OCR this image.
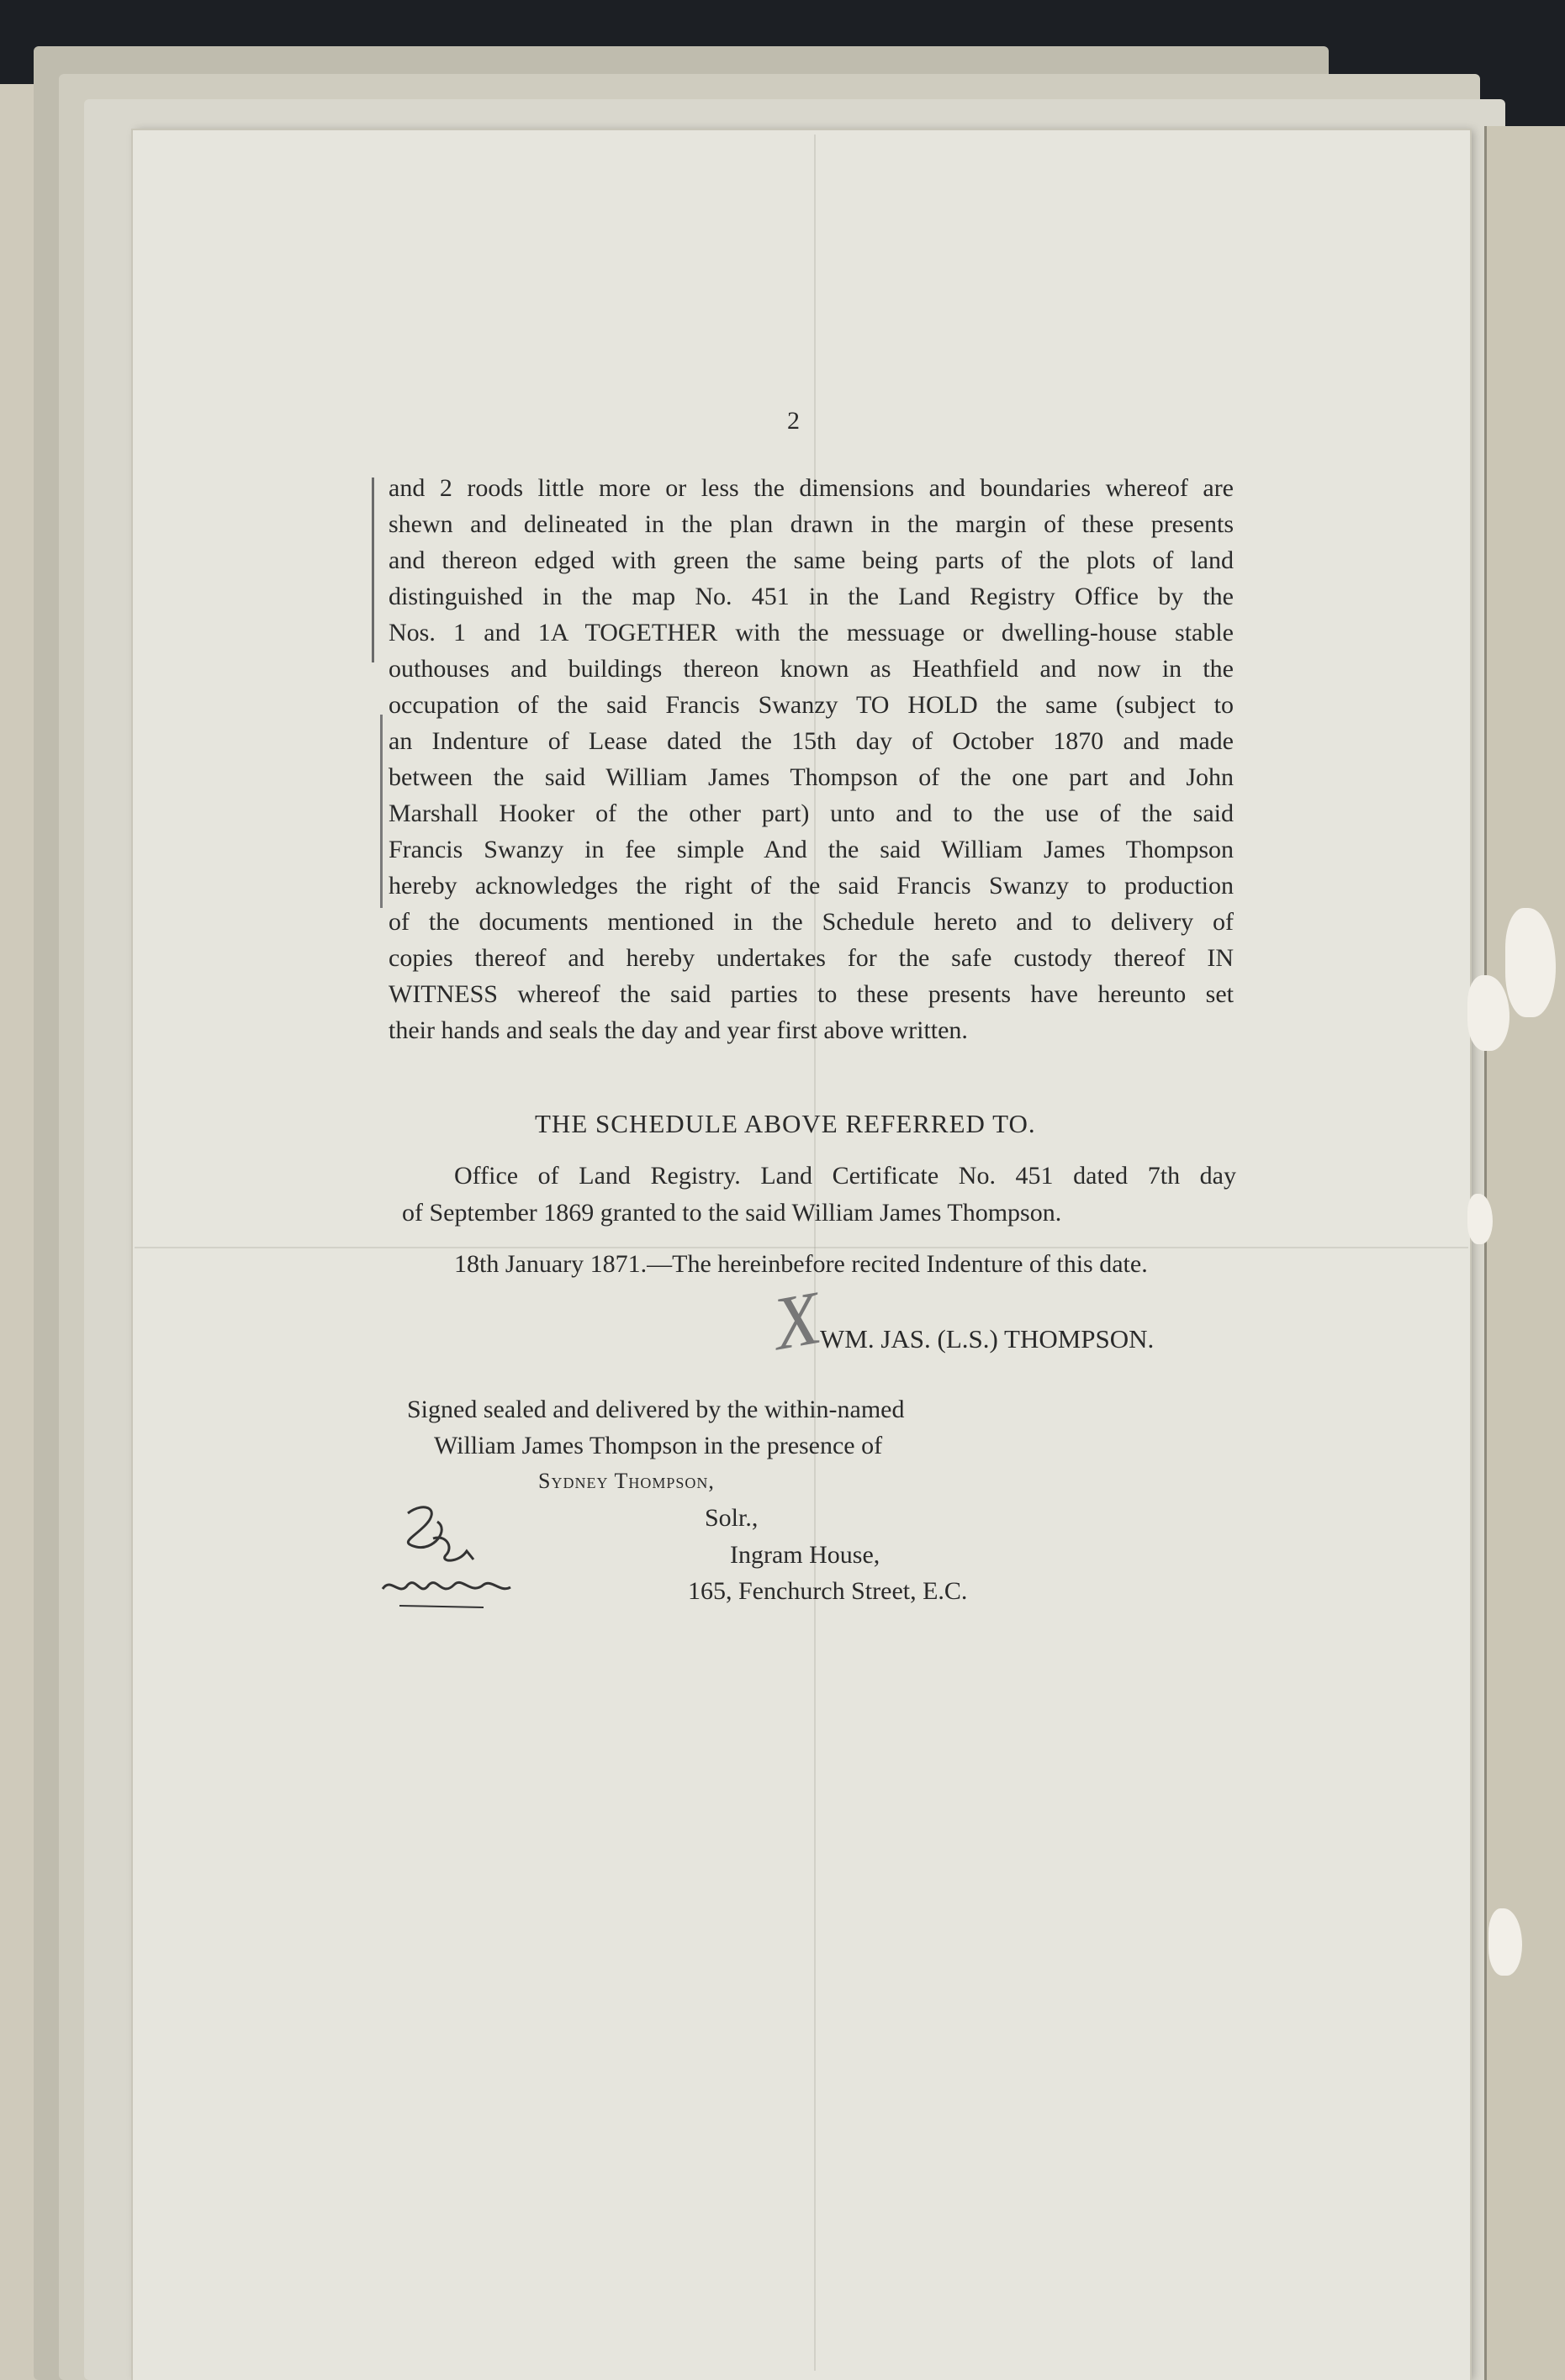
2
and 2 roods little more or less the dimensions and boundaries whereof are
shewn and delineated in the plan drawn in the margin of these presents
and thereon edged with green the same being parts of the plots of land
distinguished in the map No. 451 in the Land Registry Office by the
Nos. 1 and 1A TOGETHER with the messuage or dwelling-house stable
outhouses and buildings thereon known as Heathfield and now in the
occupation of the said Francis Swanzy TO HOLD the same (subject to
an Indenture of Lease dated the 15th day of October 1870 and made
between the said William James Thompson of the one part and John
Marshall Hooker of the other part) unto and to the use of the said
Francis Swanzy in fee simple And the said William James Thompson
hereby acknowledges the right of the said Francis Swanzy to production
of the documents mentioned in the Schedule hereto and to delivery of
copies thereof and hereby undertakes for the safe custody thereof IN
WITNESS whereof the said parties to these presents have hereunto set
their hands and seals the day and year first above written.
THE SCHEDULE ABOVE REFERRED TO.
Office of Land Registry. Land Certificate No. 451 dated 7th day
of September 1869 granted to the said William James Thompson.
18th January 1871.—The hereinbefore recited Indenture of this date.
X
WM. JAS. (L.S.) THOMPSON.
Signed sealed and delivered by the within-named
William James Thompson in the presence of
Sydney Thompson,
Solr.,
Ingram House,
165, Fenchurch Street, E.C.
